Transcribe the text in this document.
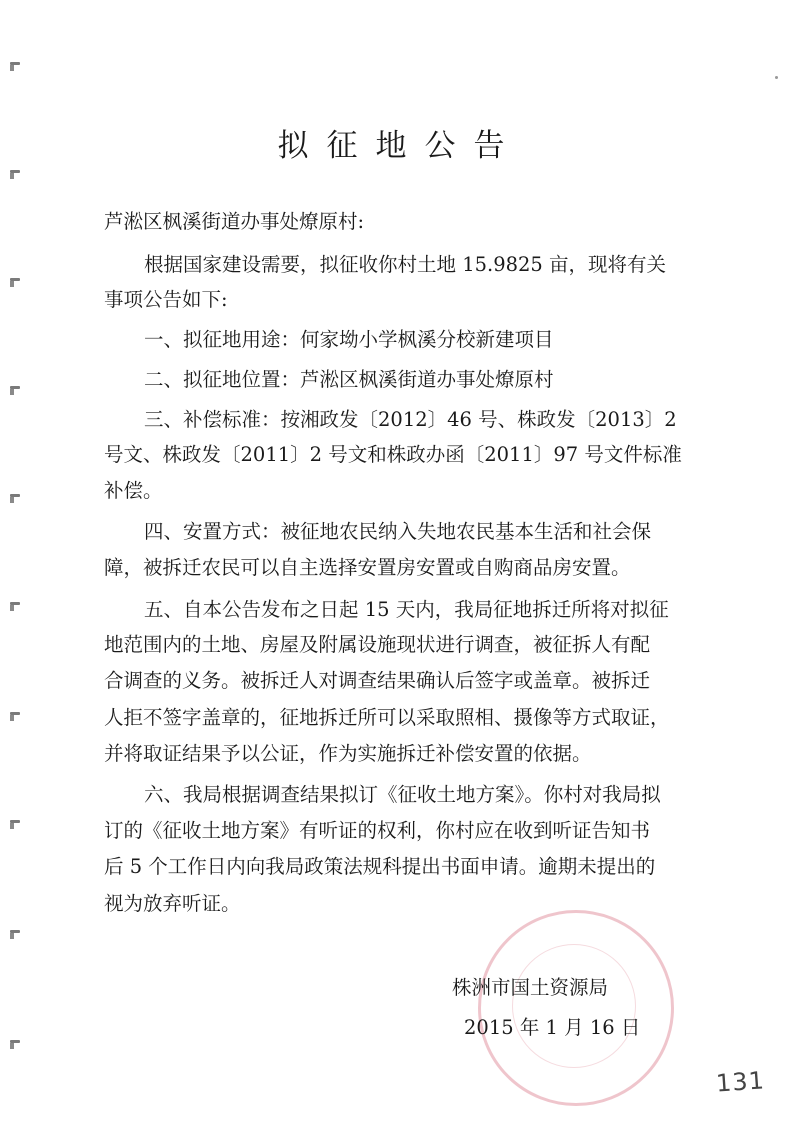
拟征地公告
芦淞区枫溪街道办事处燎原村:
根据国家建设需要，拟征收你村土地 15.9825 亩，现将有关
事项公告如下:
一、拟征地用途：何家坳小学枫溪分校新建项目
二、拟征地位置：芦淞区枫溪街道办事处燎原村
三、补偿标准：按湘政发〔2012〕46 号、株政发〔2013〕2
号文、株政发〔2011〕2 号文和株政办函〔2011〕97 号文件标准
补偿。
四、安置方式：被征地农民纳入失地农民基本生活和社会保
障，被拆迁农民可以自主选择安置房安置或自购商品房安置。
五、自本公告发布之日起 15 天内，我局征地拆迁所将对拟征
地范围内的土地、房屋及附属设施现状进行调查，被征拆人有配
合调查的义务。被拆迁人对调查结果确认后签字或盖章。被拆迁
人拒不签字盖章的，征地拆迁所可以采取照相、摄像等方式取证，
并将取证结果予以公证，作为实施拆迁补偿安置的依据。
六、我局根据调查结果拟订《征收土地方案》。你村对我局拟
订的《征收土地方案》有听证的权利，你村应在收到听证告知书
后 5 个工作日内向我局政策法规科提出书面申请。逾期未提出的
视为放弃听证。
株洲市国土资源局
2015 年 1 月 16 日
131
